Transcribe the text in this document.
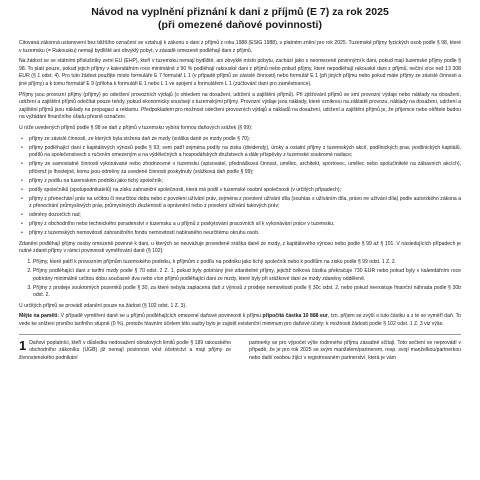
Návod na vyplnění přiznání k dani z příjmů (E 7) za rok 2025
(při omezené daňové povinnosti)

Citovaná zákonná ustanovení bez bližšího označení se vztahují k zákonu o dani z příjmů z roku 1988 (EStG 1988), v platném znění pro rok 2025. Tuzemské příjmy fyzických osob podle § 98, které v tuzemsku (= Rakousku) nemají bydliště ani obvyklý pobyt, v zásadě omezeně podléhají dani z příjmů.

Na žádost se se státními příslušníky zemí EU (EHP), kteří v tuzemsku nemají bydliště, ani obvyklé místo pobytu, zachází jako s neomezeně povinnými k dani, pokud mají tuzemské příjmy podle § 98. To platí pouze, pokud jejich příjmy v kalendářním roce minimálně z 90 % podléhají rakouské dani z příjmů nebo pokud příjmy, které nepodléhají rakouské dani z příjmů, nečiní více než 13 308 EUR (§ 1 odst. 4). Pro tuto žádost použijte místo formuláře E 7 formulář L 1 (v případě příjmů ze závislé činnosti) nebo formulář E 1 (při jiných příjmu nebo pokud máte příjmy ze závislé činnosti a jiné příjmy) a k tomu formulář E 9 (přiloha k formuláři E 1 nebo L 1 ve spojení s formulářem L 1 (zúčtování daní pro zaměstnance).

Příjmy jsou provozní příjmy (příjmy) po odečtení provozních výdajů (s ohledem na dosažení, udržení a zajištění příjmů). Při zjišťování příjmů se smí provozní výdaje nebo náklady na dosažení, udržení a zajištění příjmů odečítat pouze tehdy, pokud ekonomicky souvisejí s tuzemskými příjmy. Provozní výdaje jsou náklady, které vzniknou na základě provozu, náklady na dosažení, udržení a zajištění příjmů jsou náklady na propagaci a reklamu. Předpokladem pro možnost odečtení provozních výdajů a nákladů na dosažení, udržení a zajištění příjmů je, že příjemce nebo věřitele budou na vyžádání finančního úřadu přesně označeni.

U níže uvedených příjmů podle § 98 se daň z příjmů v tuzemsku vybírá formou daňových srážek (§ 99):

• příjmy ze závislé činnosti, ze kterých byla stržena daň ze mzdy (sráška daně ze mzdy podle § 70);
• příjmy podléhající dani z kapitálových výnosů podle § 93; sem patří zejména podíly na zisku (dividendy), úroky a ostatní příjmy z tuzemských akcií, podílnických prav, podílnických kapitálů, podílů na společenstvech s ručením omezeným a na výdělečných a hospodářských družstvech a dále příspěvky z tuzemské soukromé nadace;
• příjmy ze samostatné činnosti vykonávané nebo zhodnocené v tuzemsku (spisovatel, přednášková činnost, umělec, architekt, sportovec, umělec nebo spolučinitelé na zábavních akcích), přičemž je lhostejné, komu jsou odměny za uvedené činnosti poskytnuty (srážková daň podle § 99);
• příjmy z podílu na tuzemském podniku jako tichý společník;
• podíly společníků (spolupodnikatelů) na zisku zahraniční společnosti, která má podíl v tuzemské osobní společnosti (v určitých případech);
• příjmy z přenechání práv na určitou či neurčitou dobu nebo z povolení užívání práv, zejména z povolení užívání díla (souhlas s užíváním díla, právo ne užívání díla) podle autorského zákona a z přenechání průmyslových práv, průmyslových zkušeností a oprávnění nebo z povolení užívání takových práv;
• odměny dozorčích rad;
• příjmy z obchodního nebo technického poradenství v tuzemsku a u příjmů z poskytování pracovních sil k vykonávání práce v tuzemsku;
• příjmy z tuzemských nemovitostí zahraničního fondu nemovitostí nabíraného neurčitému okruhu osob.

Zdanění podléhají příjmy osoby omezeně povinné k dani, u kterých se neuvažuje provedené sráška daně ze mzdy, z kapitálového výnosu nebo podle § 99 až § 101. V následujících případech je nutné zdanit příjmy v rámci povinnosti vyměřování daně (§ 102):

1. Příjmy, které patří k provozním příjmům tuzemského podniku, k příjmům z podílu na podniku jako tichý společník nebo k podílům na zisku podle § 99 odst. 1 Z. 2.
2. Příjmy podléhající dani z tarifní mzdy podle § 70 odst. 2 Z. 1, pokud byly pobírány jiné zdanitelné příjmy, jejichž celková částka překračuje 730 EUR nebo pokud byly v kalendářním roce pobírány minimálně určitou dobu současně dva nebo více příjmů podléhající dani ze mzdy, které byly při srážkové dani ze mzdy zdaněny odděleně.
3. Příjmy z prodeje soukromých pozemků podle § 30, za které nebyla zaplacena daň z výnosů z prodeje nemovitosti podle § 30c odst. 2, nebo pokud neexistuje finanční náhrada podle § 30b odst. 2.

U určitých příjmů se provádí zdanění pouze na žádost (§ 102 odst. 1 Z. 3).

Mějte na paměti: V případě vyměření daně se u příjmů podléhajících omezené daňové povinnosti k příjmu připočítá částka 10 888 eur, tzn. příjem se zvýší o tuto částku a z té se vyměří daň. To vede ke snížení prvního tarifního stupně (0 %), protože hlavním účelem této sazby bylo je zajistit existenční minimum pro daňové účely; k možnosti žádosti podle § 102 odst. 1 Z. 3 viz výše.

1 Daňoví poplatníci, kteří v důsledku nedosažení obratových limitů podle § 189 rakouského obchodního zákoníku (UGB) již nemají povinnost vést účetnictví a mají příjmy ze živnostenského podnikání
partnerky se pro výpočet výše rodinného příjmu zásadně sčítají. Toto sečtení se neprovádí v případě, že je pro rok 2025 se svým manželem/partnerem, resp. svojí manželkou/partnerkou nebo další osobou žijící v registrovaném partnerství, která je vám
